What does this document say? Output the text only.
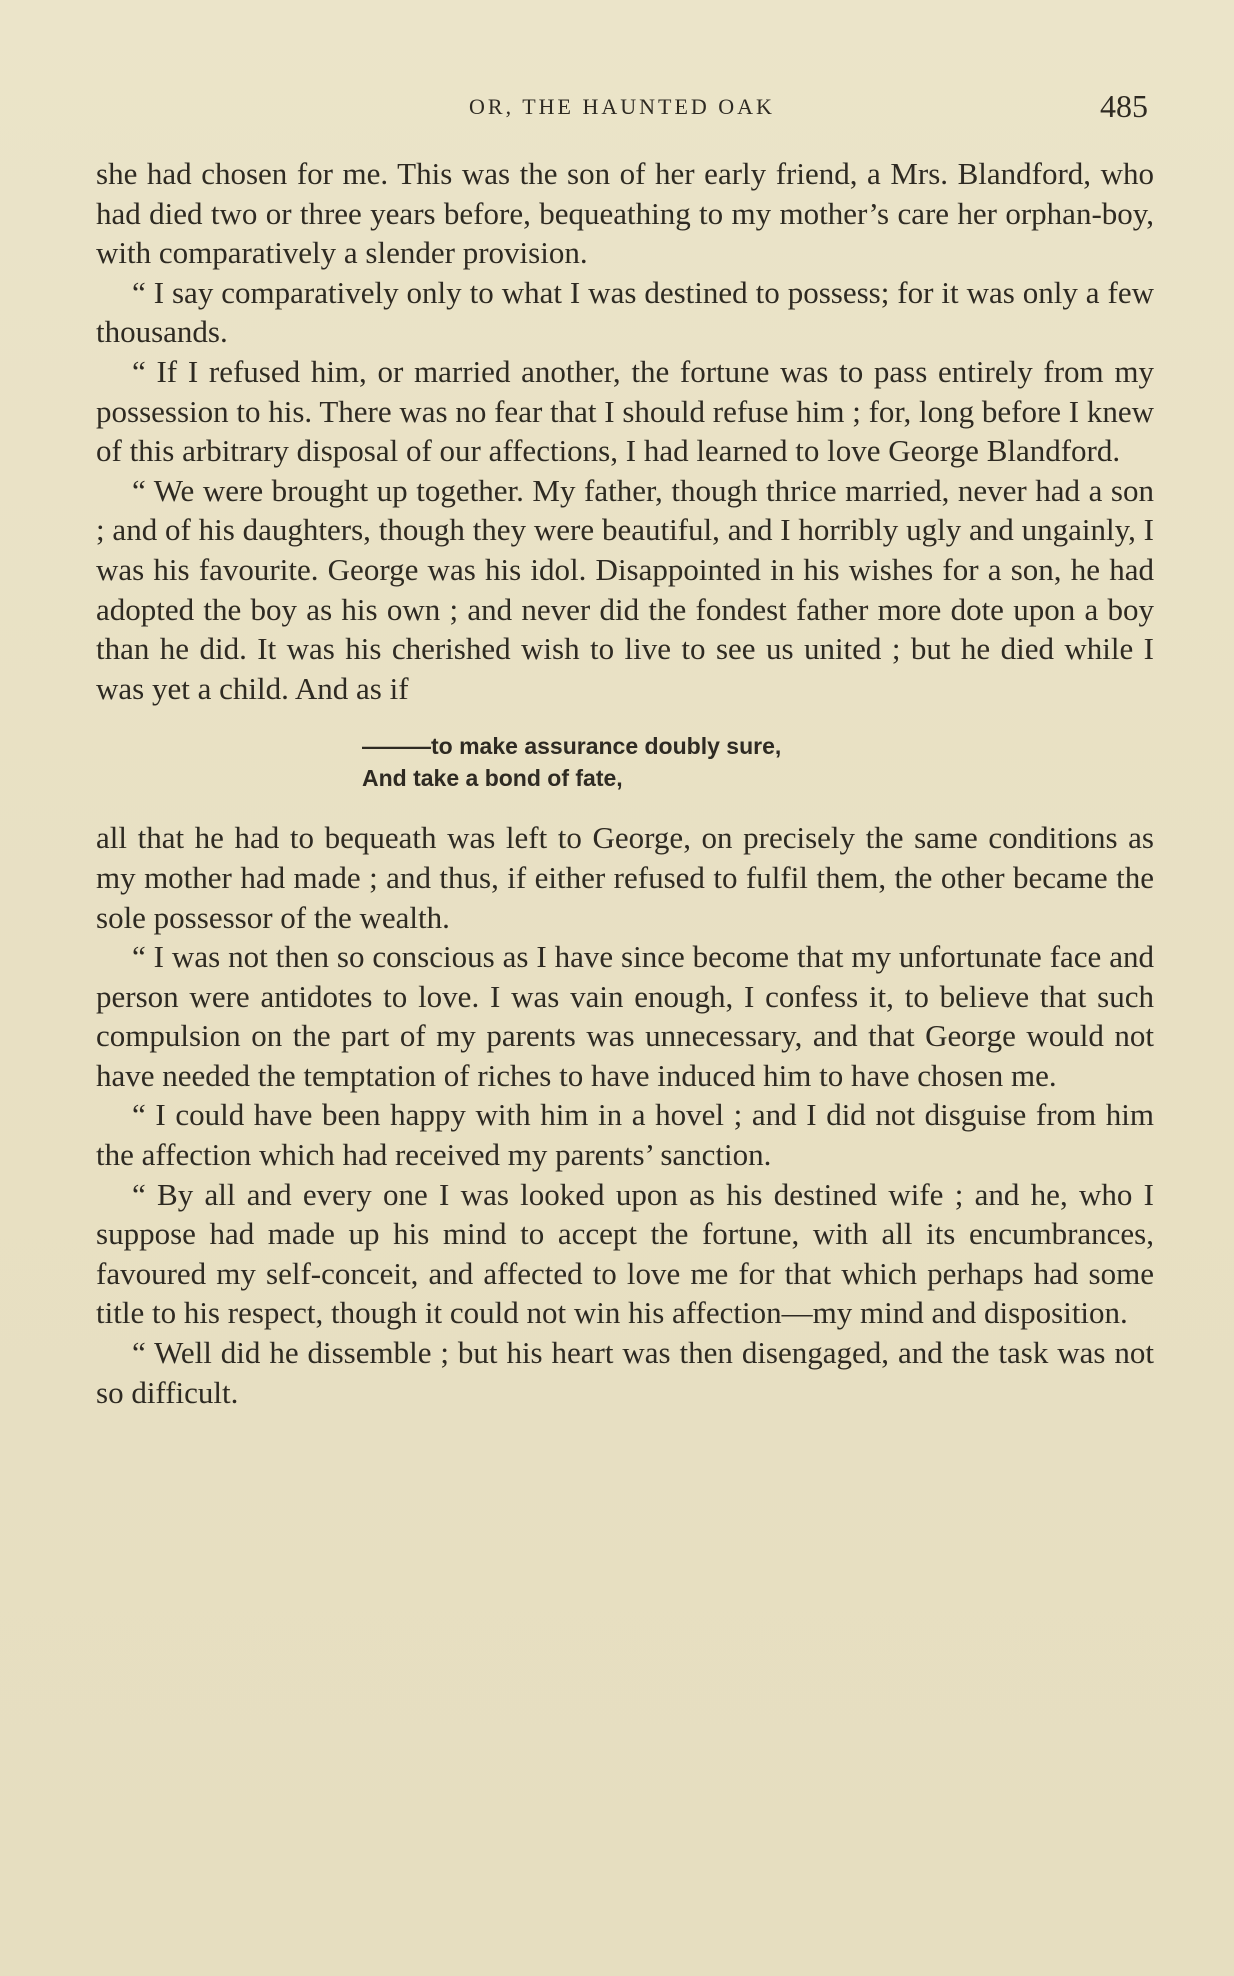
OR, THE HAUNTED OAK	485

she had chosen for me. This was the son of her early friend, a Mrs. Blandford, who had died two or three years before, bequeathing to my mother’s care her orphan-boy, with comparatively a slender provision.

“ I say comparatively only to what I was destined to possess; for it was only a few thousands.

“ If I refused him, or married another, the fortune was to pass entirely from my possession to his. There was no fear that I should refuse him ; for, long before I knew of this arbitrary disposal of our affections, I had learned to love George Blandford.

“ We were brought up together. My father, though thrice married, never had a son ; and of his daughters, though they were beautiful, and I horribly ugly and ungainly, I was his favourite. George was his idol. Disappointed in his wishes for a son, he had adopted the boy as his own ; and never did the fondest father more dote upon a boy than he did. It was his cherished wish to live to see us united ; but he died while I was yet a child. And as if

———to make assurance doubly sure,
And take a bond of fate,

all that he had to bequeath was left to George, on precisely the same conditions as my mother had made ; and thus, if either refused to fulfil them, the other became the sole possessor of the wealth.

“ I was not then so conscious as I have since become that my unfortunate face and person were antidotes to love. I was vain enough, I confess it, to believe that such compulsion on the part of my parents was unnecessary, and that George would not have needed the temptation of riches to have induced him to have chosen me.

“ I could have been happy with him in a hovel ; and I did not disguise from him the affection which had received my parents’ sanction.

“ By all and every one I was looked upon as his destined wife ; and he, who I suppose had made up his mind to accept the fortune, with all its encumbrances, favoured my self-conceit, and affected to love me for that which perhaps had some title to his respect, though it could not win his affection—my mind and disposition.

“ Well did he dissemble ; but his heart was then disengaged, and the task was not so difficult.
